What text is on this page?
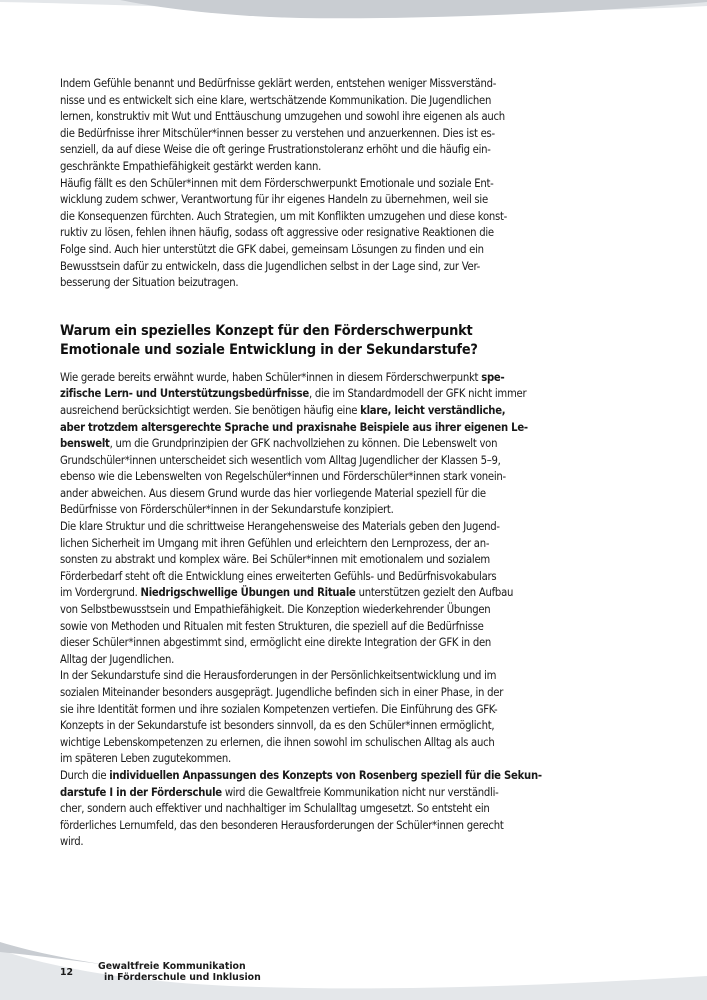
Indem Gefühle benannt und Bedürfnisse geklärt werden, entstehen weniger Missverständ-
nisse und es entwickelt sich eine klare, wertschätzende Kommunikation. Die Jugendlichen
lernen, konstruktiv mit Wut und Enttäuschung umzugehen und sowohl ihre eigenen als auch
die Bedürfnisse ihrer Mitschüler*innen besser zu verstehen und anzuerkennen. Dies ist es-
senziell, da auf diese Weise die oft geringe Frustrationstoleranz erhöht und die häufig ein-
geschränkte Empathiefähigkeit gestärkt werden kann.

Häufig fällt es den Schüler*innen mit dem Förderschwerpunkt Emotionale und soziale Ent-
wicklung zudem schwer, Verantwortung für ihr eigenes Handeln zu übernehmen, weil sie
die Konsequenzen fürchten. Auch Strategien, um mit Konflikten umzugehen und diese konst-
ruktiv zu lösen, fehlen ihnen häufig, sodass oft aggressive oder resignative Reaktionen die
Folge sind. Auch hier unterstützt die GFK dabei, gemeinsam Lösungen zu finden und ein
Bewusstsein dafür zu entwickeln, dass die Jugendlichen selbst in der Lage sind, zur Ver-
besserung der Situation beizutragen.

Warum ein spezielles Konzept für den Förderschwerpunkt
Emotionale und soziale Entwicklung in der Sekundarstufe?

Wie gerade bereits erwähnt wurde, haben Schüler*innen in diesem Förderschwerpunkt spe-
zifische Lern- und Unterstützungsbedürfnisse, die im Standardmodell der GFK nicht immer
ausreichend berücksichtigt werden. Sie benötigen häufig eine klare, leicht verständliche,
aber trotzdem altersgerechte Sprache und praxisnahe Beispiele aus ihrer eigenen Le-
benswelt, um die Grundprinzipien der GFK nachvollziehen zu können. Die Lebenswelt von
Grundschüler*innen unterscheidet sich wesentlich vom Alltag Jugendlicher der Klassen 5–9,
ebenso wie die Lebenswelten von Regelschüler*innen und Förderschüler*innen stark vonein-
ander abweichen. Aus diesem Grund wurde das hier vorliegende Material speziell für die
Bedürfnisse von Förderschüler*innen in der Sekundarstufe konzipiert.

Die klare Struktur und die schrittweise Herangehensweise des Materials geben den Jugend-
lichen Sicherheit im Umgang mit ihren Gefühlen und erleichtern den Lernprozess, der an-
sonsten zu abstrakt und komplex wäre. Bei Schüler*innen mit emotionalem und sozialem
Förderbedarf steht oft die Entwicklung eines erweiterten Gefühls- und Bedürfnisvokabulars
im Vordergrund. Niedrigschwellige Übungen und Rituale unterstützen gezielt den Aufbau
von Selbstbewusstsein und Empathiefähigkeit. Die Konzeption wiederkehrender Übungen
sowie von Methoden und Ritualen mit festen Strukturen, die speziell auf die Bedürfnisse
dieser Schüler*innen abgestimmt sind, ermöglicht eine direkte Integration der GFK in den
Alltag der Jugendlichen.

In der Sekundarstufe sind die Herausforderungen in der Persönlichkeitsentwicklung und im
sozialen Miteinander besonders ausgeprägt. Jugendliche befinden sich in einer Phase, in der
sie ihre Identität formen und ihre sozialen Kompetenzen vertiefen. Die Einführung des GFK-
Konzepts in der Sekundarstufe ist besonders sinnvoll, da es den Schüler*innen ermöglicht,
wichtige Lebenskompetenzen zu erlernen, die ihnen sowohl im schulischen Alltag als auch
im späteren Leben zugutekommen.

Durch die individuellen Anpassungen des Konzepts von Rosenberg speziell für die Sekun-
darstufe I in der Förderschule wird die Gewaltfreie Kommunikation nicht nur verständli-
cher, sondern auch effektiver und nachhaltiger im Schulalltag umgesetzt. So entsteht ein
förderliches Lernumfeld, das den besonderen Herausforderungen der Schüler*innen gerecht
wird.

12
Gewaltfreie Kommunikation
in Förderschule und Inklusion
